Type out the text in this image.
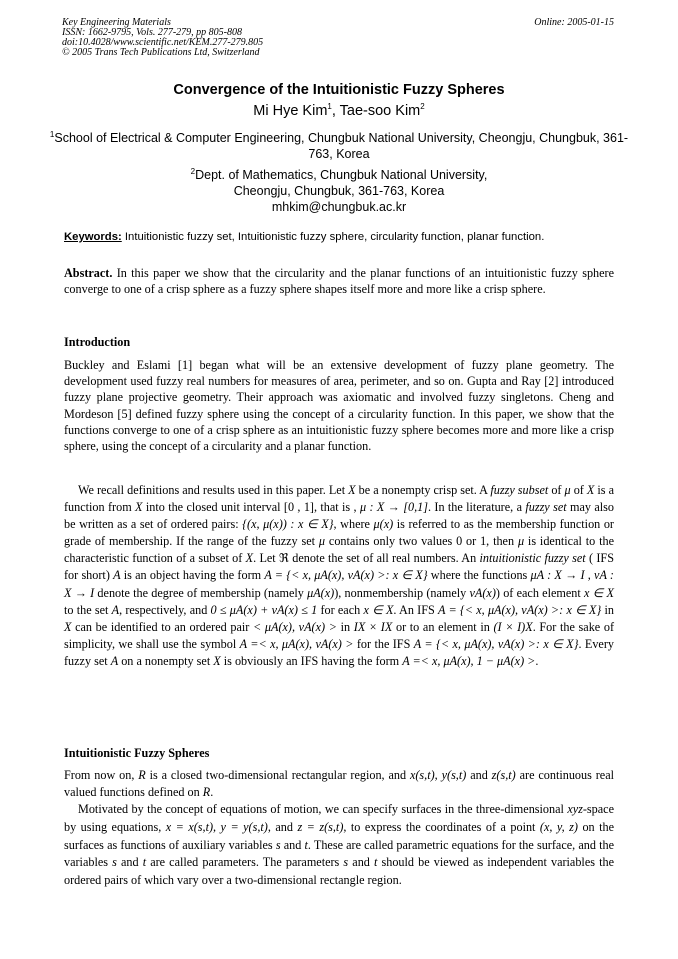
Key Engineering Materials
ISSN: 1662-9795, Vols. 277-279, pp 805-808
doi:10.4028/www.scientific.net/KEM.277-279.805
© 2005 Trans Tech Publications Ltd, Switzerland
Online: 2005-01-15
Convergence of the Intuitionistic Fuzzy Spheres
Mi Hye Kim$^1$, Tae-soo Kim$^2$
$^1$School of Electrical & Computer Engineering, Chungbuk National University, Cheongju, Chungbuk, 361-763, Korea
$^2$Dept. of Mathematics, Chungbuk National University,
Cheongju, Chungbuk, 361-763, Korea
mhkim@chungbuk.ac.kr
Keywords: Intuitionistic fuzzy set, Intuitionistic fuzzy sphere, circularity function, planar function.
Abstract. In this paper we show that the circularity and the planar functions of an intuitionistic fuzzy sphere converge to one of a crisp sphere as a fuzzy sphere shapes itself more and more like a crisp sphere.
Introduction
Buckley and Eslami [1] began what will be an extensive development of fuzzy plane geometry. The development used fuzzy real numbers for measures of area, perimeter, and so on. Gupta and Ray [2] introduced fuzzy plane projective geometry. Their approach was axiomatic and involved fuzzy singletons. Cheng and Mordeson [5] defined fuzzy sphere using the concept of a circularity function. In this paper, we show that the functions converge to one of a crisp sphere as an intuitionistic fuzzy sphere becomes more and more like a crisp sphere, using the concept of a circularity and a planar function.
We recall definitions and results used in this paper. Let X be a nonempty crisp set. A fuzzy subset of μ of X is a function from X into the closed unit interval [0 , 1], that is , μ : X → [0,1]. In the literature, a fuzzy set may also be written as a set of ordered pairs: {(x, μ(x)) : x ∈ X}, where μ(x) is referred to as the membership function or grade of membership. If the range of the fuzzy set μ contains only two values 0 or 1, then μ is identical to the characteristic function of a subset of X. Let ℜ denote the set of all real numbers. An intuitionistic fuzzy set ( IFS for short) A is an object having the form A = {< x, μA(x), νA(x) >: x ∈ X} where the functions μA : X → I , νA : X → I denote the degree of membership (namely μA(x)), nonmembership (namely νA(x)) of each element x ∈ X to the set A, respectively, and 0 ≤ μA(x) + νA(x) ≤ 1 for each x ∈ X. An IFS A = {< x, μA(x), νA(x) >: x ∈ X} in X can be identified to an ordered pair < μA(x), νA(x) > in IX × IX or to an element in (I × I)X. For the sake of simplicity, we shall use the symbol A =< x, μA(x), νA(x) > for the IFS A = {< x, μA(x), νA(x) >: x ∈ X}. Every fuzzy set A on a nonempty set X is obviously an IFS having the form A =< x, μA(x), 1 − μA(x) >.
Intuitionistic Fuzzy Spheres
From now on, R is a closed two-dimensional rectangular region, and x(s,t), y(s,t) and z(s,t) are continuous real valued functions defined on R.
Motivated by the concept of equations of motion, we can specify surfaces in the three-dimensional xyz-space by using equations, x = x(s,t), y = y(s,t), and z = z(s,t), to express the coordinates of a point (x, y, z) on the surfaces as functions of auxiliary variables s and t. These are called parametric equations for the surface, and the variables s and t are called parameters. The parameters s and t should be viewed as independent variables the ordered pairs of which vary over a two-dimensional rectangle region.
